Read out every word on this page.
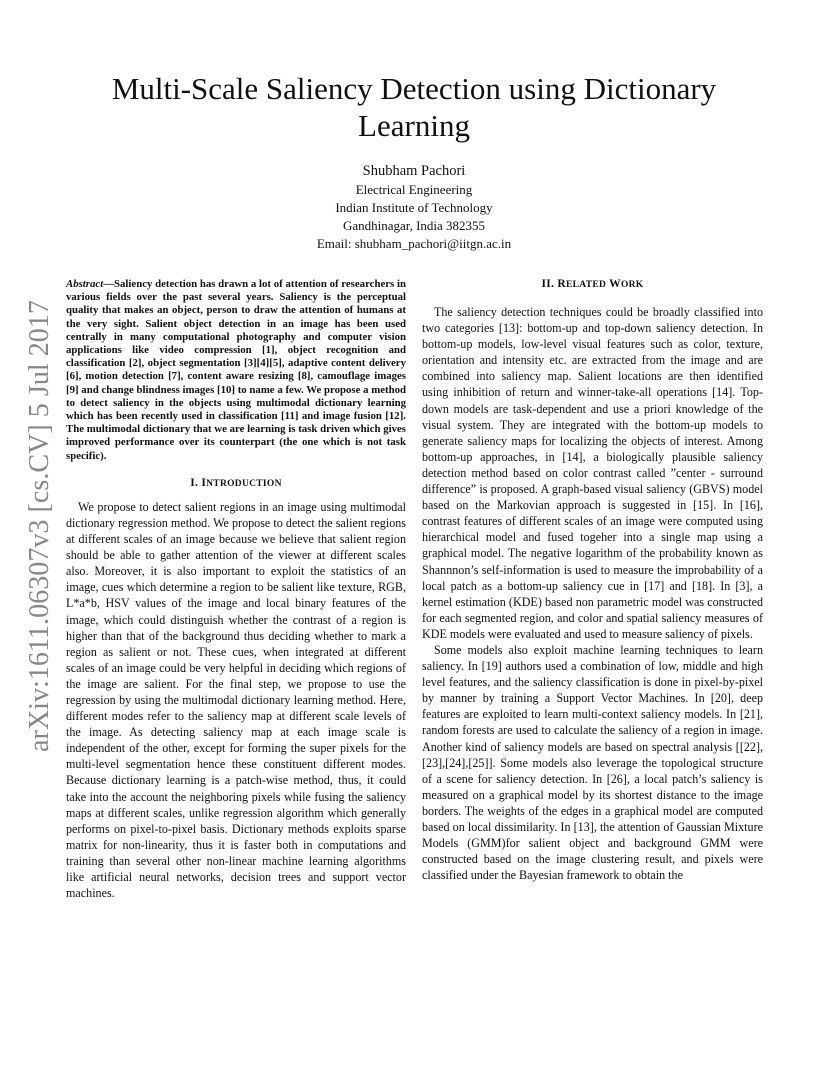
Multi-Scale Saliency Detection using Dictionary Learning
Shubham Pachori
Electrical Engineering
Indian Institute of Technology
Gandhinagar, India 382355
Email: shubham_pachori@iitgn.ac.in
arXiv:1611.06307v3 [cs.CV] 5 Jul 2017

Abstract—Saliency detection has drawn a lot of attention of researchers in various fields over the past several years. Saliency is the perceptual quality that makes an object, person to draw the attention of humans at the very sight. Salient object detection in an image has been used centrally in many computational photography and computer vision applications like video compression [1], object recognition and classification [2], object segmentation [3][4][5], adaptive content delivery [6], motion detection [7], content aware resizing [8], camouflage images [9] and change blindness images [10] to name a few. We propose a method to detect saliency in the objects using multimodal dictionary learning which has been recently used in classification [11] and image fusion [12]. The multimodal dictionary that we are learning is task driven which gives improved performance over its counterpart (the one which is not task specific).

I. INTRODUCTION

We propose to detect salient regions in an image using multimodal dictionary regression method. We propose to detect the salient regions at different scales of an image because we believe that salient region should be able to gather attention of the viewer at different scales also. Moreover, it is also important to exploit the statistics of an image, cues which determine a region to be salient like texture, RGB, L*a*b, HSV values of the image and local binary features of the image, which could distinguish whether the contrast of a region is higher than that of the background thus deciding whether to mark a region as salient or not. These cues, when integrated at different scales of an image could be very helpful in deciding which regions of the image are salient. For the final step, we propose to use the regression by using the multimodal dictionary learning method. Here, different modes refer to the saliency map at different scale levels of the image. As detecting saliency map at each image scale is independent of the other, except for forming the super pixels for the multi-level segmentation hence these constituent different modes. Because dictionary learning is a patch-wise method, thus, it could take into the account the neighboring pixels while fusing the saliency maps at different scales, unlike regression algorithm which generally performs on pixel-to-pixel basis. Dictionary methods exploits sparse matrix for non-linearity, thus it is faster both in computations and training than several other non-linear machine learning algorithms like artificial neural networks, decision trees and support vector machines.

II. RELATED WORK

The saliency detection techniques could be broadly classified into two categories [13]: bottom-up and top-down saliency detection. In bottom-up models, low-level visual features such as color, texture, orientation and intensity etc. are extracted from the image and are combined into saliency map. Salient locations are then identified using inhibition of return and winner-take-all operations [14]. Top-down models are task-dependent and use a priori knowledge of the visual system. They are integrated with the bottom-up models to generate saliency maps for localizing the objects of interest. Among bottom-up approaches, in [14], a biologically plausible saliency detection method based on color contrast called ”center - surround difference” is proposed. A graph-based visual saliency (GBVS) model based on the Markovian approach is suggested in [15]. In [16], contrast features of different scales of an image were computed using hierarchical model and fused togeher into a single map using a graphical model. The negative logarithm of the probability known as Shannnon’s self-information is used to measure the improbability of a local patch as a bottom-up saliency cue in [17] and [18]. In [3], a kernel estimation (KDE) based non parametric model was constructed for each segmented region, and color and spatial saliency measures of KDE models were evaluated and used to measure saliency of pixels.

Some models also exploit machine learning techniques to learn saliency. In [19] authors used a combination of low, middle and high level features, and the saliency classification is done in pixel-by-pixel by manner by training a Support Vector Machines. In [20], deep features are exploited to learn multi-context saliency models. In [21], random forests are used to calculate the saliency of a region in image. Another kind of saliency models are based on spectral analysis [[22],[23],[24],[25]]. Some models also leverage the topological structure of a scene for saliency detection. In [26], a local patch’s saliency is measured on a graphical model by its shortest distance to the image borders. The weights of the edges in a graphical model are computed based on local dissimilarity. In [13], the attention of Gaussian Mixture Models (GMM)for salient object and background GMM were constructed based on the image clustering result, and pixels were classified under the Bayesian framework to obtain the
